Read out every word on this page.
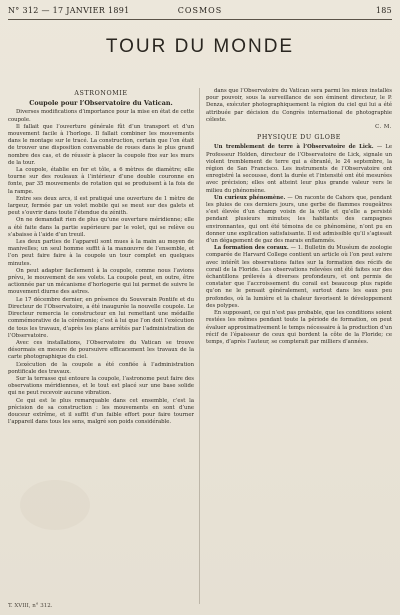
N° 312 — 17 JANVIER 1891	COSMOS	185
TOUR DU MONDE
ASTRONOMIE
Coupole pour l’Observatoire du Vatican.

Diverses modifications d’importance pour la mise en état de cette coupole.

Il fallait que l’ouverture générale fût d’un transport et d’un mouvement facile à l’horloge. Il fallait combiner les mouvements dans le montage sur le tracé. La construction, certain que l’on était de trouver une disposition convenable de roues dans le plus grand nombre des cas, et de réussir à placer la coupole fixe sur les murs de la tour.

La coupole, établie en fer et tôle, a 6 mètres de diamètre; elle tourne sur des rouleaux à l’intérieur d’une double couronne en fonte, par 35 mouvements de rotation qui se produisent à la fois de la rampe.

Entre ses deux arcs, il est pratiqué une ouverture de 1 mètre de largeur, fermée par un volet mobile qui se meut sur des galets et peut s’ouvrir dans toute l’étendue du zénith.

On ne demandait rien de plus qu’une ouverture méridienne; elle a été faite dans la partie supérieure par le volet, qui se relève ou s’abaisse à l’aide d’un treuil.

Les deux parties de l’appareil sont mues à la main au moyen de manivelles; un seul homme suffit à la manœuvre de l’ensemble, et l’on peut faire faire à la coupole un tour complet en quelques minutes.

On peut adapter facilement à la coupole, comme nous l’avions prévu, le mouvement de ses volets. La coupole peut, en outre, être actionnée par un mécanisme d’horlogerie qui lui permet de suivre le mouvement diurne des astres.

Le 17 décembre dernier, en présence du Souverain Pontife et du Directeur de l’Observatoire, a été inaugurée la nouvelle coupole. Le Directeur remercia le constructeur en lui remettant une médaille commémorative de la cérémonie; c’est à lui que l’on doit l’exécution de tous les travaux, d’après les plans arrêtés par l’administration de l’Observatoire.

Avec ces installations, l’Observatoire du Vatican se trouve désormais en mesure de poursuivre efficacement les travaux de la carte photographique du ciel.

L’exécution de la coupole a été confiée à l’administration pontificale des travaux.

Sur la terrasse qui entoure la coupole, l’astronome peut faire des observations méridiennes, et le tout est placé sur une base solide qui ne peut recevoir aucune vibration.

Ce qui est le plus remarquable dans cet ensemble, c’est la précision de sa construction : les mouvements en sont d’une douceur extrême, et il suffit d’un faible effort pour faire tourner l’appareil dans tous les sens, malgré son poids considérable.

dans que l’Observatoire du Vatican sera parmi les mieux installés pour pouvoir, sous la surveillance de son éminent directeur, le P. Denza, exécuter photographiquement la région du ciel qui lui a été attribuée par décision du Congrès international de photographie céleste.

C. M.
PHYSIQUE DU GLOBE

Un tremblement de terre à l’Observatoire de Lick. — Le Professeur Holden, directeur de l’Observatoire de Lick, signale un violent tremblement de terre qui a ébranlé, le 24 septembre, la région de San Francisco. Les instruments de l’Observatoire ont enregistré la secousse, dont la durée et l’intensité ont été mesurées avec précision; elles ont atteint leur plus grande valeur vers le milieu du phénomène.

Un curieux phénomène. — On raconte de Cahors que, pendant les pluies de ces derniers jours, une gerbe de flammes rougeâtres s’est élevée d’un champ voisin de la ville et qu’elle a persisté pendant plusieurs minutes; les habitants des campagnes environnantes, qui ont été témoins de ce phénomène, n’ont pu en donner une explication satisfaisante. Il est admissible qu’il s’agissait d’un dégagement de gaz des marais enflammés.

La formation des coraux. — 1. Bulletin du Muséum de zoologie comparée de Harvard College contient un article où l’on peut suivre avec intérêt les observations faites sur la formation des récifs de corail de la Floride. Les observations relevées ont été faites sur des échantillons prélevés à diverses profondeurs, et ont permis de constater que l’accroissement du corail est beaucoup plus rapide qu’on ne le pensait généralement, surtout dans les eaux peu profondes, où la lumière et la chaleur favorisent le développement des polypes.

En supposant, ce qui n’est pas probable, que les conditions soient restées les mêmes pendant toute la période de formation, on peut évaluer approximativement le temps nécessaire à la production d’un récif de l’épaisseur de ceux qui bordent la côte de la Floride; ce temps, d’après l’auteur, se compterait par milliers d’années.

T. XVIII, n° 312.
